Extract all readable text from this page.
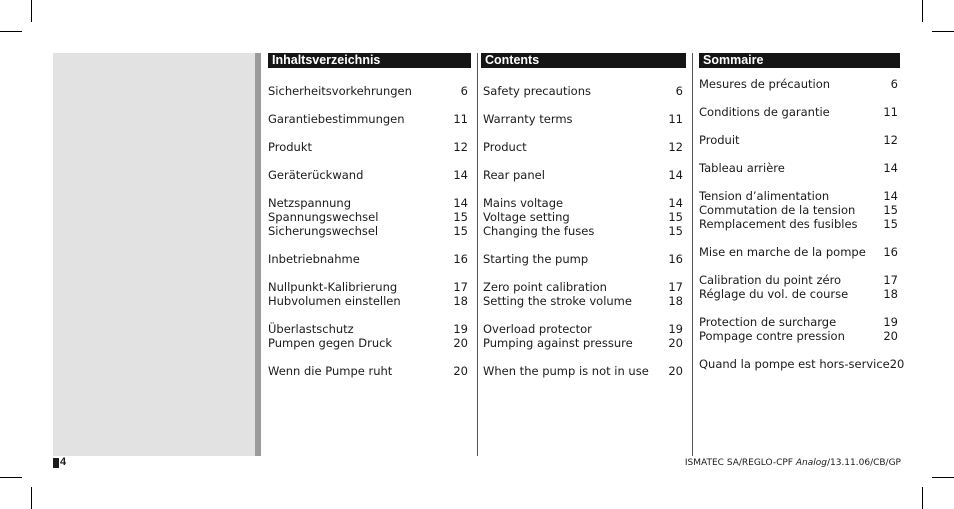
Inhaltsverzeichnis
Sicherheitsvorkehrungen	6
Garantiebestimmungen	11
Produkt	12
Geräterückwand	14
Netzspannung	14
Spannungswechsel	15
Sicherungswechsel	15
Inbetriebnahme	16
Nullpunkt-Kalibrierung	17
Hubvolumen einstellen	18
Überlastschutz	19
Pumpen gegen Druck	20
Wenn die Pumpe ruht	20
Contents
Safety precautions	6
Warranty terms	11
Product	12
Rear panel	14
Mains voltage	14
Voltage setting	15
Changing the fuses	15
Starting the pump	16
Zero point calibration	17
Setting the stroke volume	18
Overload protector	19
Pumping against pressure	20
When the pump is not in use 20
Sommaire
Mesures de précaution	6
Conditions de garantie	11
Produit	12
Tableau arrière	14
Tension d’alimentation	14
Commutation de la tension 15
Remplacement des fusibles 15
Mise en marche de la pompe 16
Calibration du point zéro	17
Réglage du vol. de course	18
Protection de surcharge	19
Pompage contre pression	20
Quand la pompe est hors-service 20
4	ISMATEC SA/REGLO-CPF Analog/13.11.06/CB/GP
